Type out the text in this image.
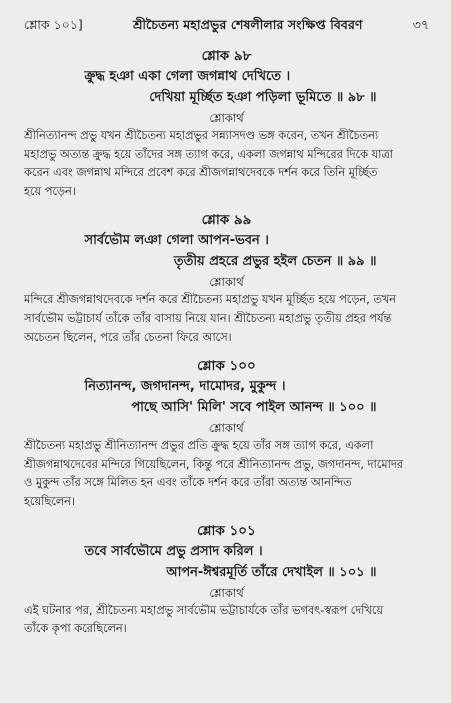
শ্লোক ১০১]	শ্রীচৈতন্য মহাপ্রভুর শেষলীলার সংক্ষিপ্ত বিবরণ	৩৭

শ্লোক ৯৮

ক্রুদ্ধ হঞা একা গেলা জগন্নাথ দেখিতে ।

দেখিয়া মূৰ্চ্ছিত হঞা পড়িলা ভূমিতে ॥ ৯৮ ॥

শ্লোকার্থ

শ্রীনিত্যানন্দ প্রভু যখন শ্রীচৈতন্য মহাপ্রভুর সন্ন্যাসদণ্ড ভঙ্গ করেন, তখন শ্রীচৈতন্য
মহাপ্রভু অত্যন্ত ক্রুদ্ধ হয়ে তাঁদের সঙ্গ ত্যাগ করে, একলা জগন্নাথ মন্দিরের দিকে যাত্রা
করেন এবং জগন্নাথ মন্দিরে প্রবেশ করে শ্রীজগন্নাথদেবকে দর্শন করে তিনি মূৰ্চ্ছিত
হয়ে পড়েন।

শ্লোক ৯৯

সার্বভৌম লঞা গেলা আপন-ভবন ।

তৃতীয় প্রহরে প্রভুর হইল চেতন ॥ ৯৯ ॥

শ্লোকার্থ

মন্দিরে শ্রীজগন্নাথদেবকে দর্শন করে শ্রীচৈতন্য মহাপ্রভু যখন মূৰ্চ্ছিত হয়ে পড়েন, তখন
সার্বভৌম ভট্টাচার্য তাঁকে তাঁর বাসায় নিয়ে যান। শ্রীচৈতন্য মহাপ্রভু তৃতীয় প্রহর পর্যন্ত
অচেতন ছিলেন, পরে তাঁর চেতনা ফিরে আসে।

শ্লোক ১০০

নিত্যানন্দ, জগদানন্দ, দামোদর, মুকুন্দ ।

পাছে আসি' মিলি' সবে পাইল আনন্দ ॥ ১০০ ॥

শ্লোকার্থ

শ্রীচৈতন্য মহাপ্রভু শ্রীনিত্যানন্দ প্রভুর প্রতি ক্রুদ্ধ হয়ে তাঁর সঙ্গ ত্যাগ করে, একলা
শ্রীজগন্নাথদেবের মন্দিরে গিয়েছিলেন, কিন্তু পরে শ্রীনিত্যানন্দ প্রভু, জগদানন্দ, দামোদর
ও মুকুন্দ তাঁর সঙ্গে মিলিত হন এবং তাঁকে দর্শন করে তাঁরা অত্যন্ত আনন্দিত
হয়েছিলেন।

শ্লোক ১০১

তবে সার্বভৌমে প্রভু প্রসাদ করিল ।

আপন-ঈশ্বরমূর্তি তাঁরে দেখাইল ॥ ১০১ ॥

শ্লোকার্থ

এই ঘটনার পর, শ্রীচৈতন্য মহাপ্রভু সার্বভৌম ভট্টাচার্যকে তাঁর ভগবৎ-স্বরূপ দেখিয়ে
তাঁকে কৃপা করেছিলেন।
